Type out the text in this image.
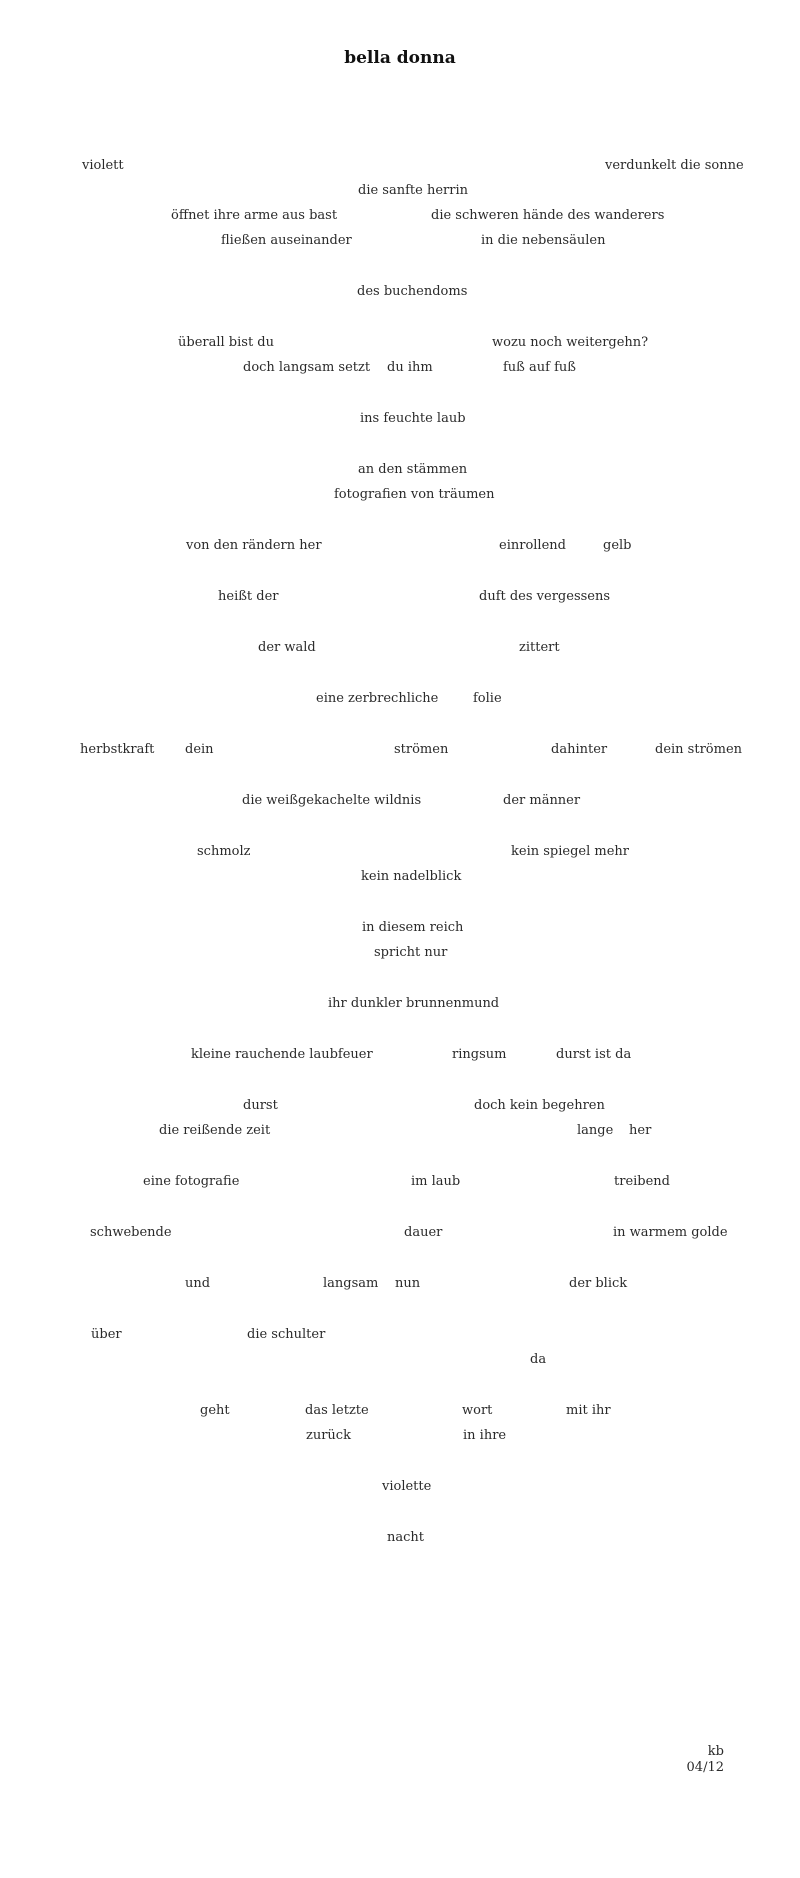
bella donna
violett	verdunkelt die sonne
die sanfte herrin
öffnet ihre arme aus bast	die schweren hände des wanderers
fließen auseinander	in die nebensäulen
des buchendoms
überall bist du	wozu noch weitergehn?
doch langsam setzt du ihm	fuß auf fuß
ins feuchte laub
an den stämmen
fotografien von träumen
von den rändern her	einrollend	gelb
heißt der	duft des vergessens
der wald	zittert
eine zerbrechliche	folie
herbstkraft dein	strömen	dahinter	dein strömen
die weißgekachelte wildnis	der männer
schmolz	kein spiegel mehr
kein nadelblick
in diesem reich
spricht nur
ihr dunkler brunnenmund
kleine rauchende laubfeuer	ringsum	durst ist da
durst	doch kein begehren
die reißende zeit	lange her
eine fotografie	im laub	treibend
schwebende	dauer	in warmem golde
und	langsam nun	der blick
über	die schulter
da
geht	das letzte	wort	mit ihr
zurück	in ihre
violette
nacht
kb
04/12
